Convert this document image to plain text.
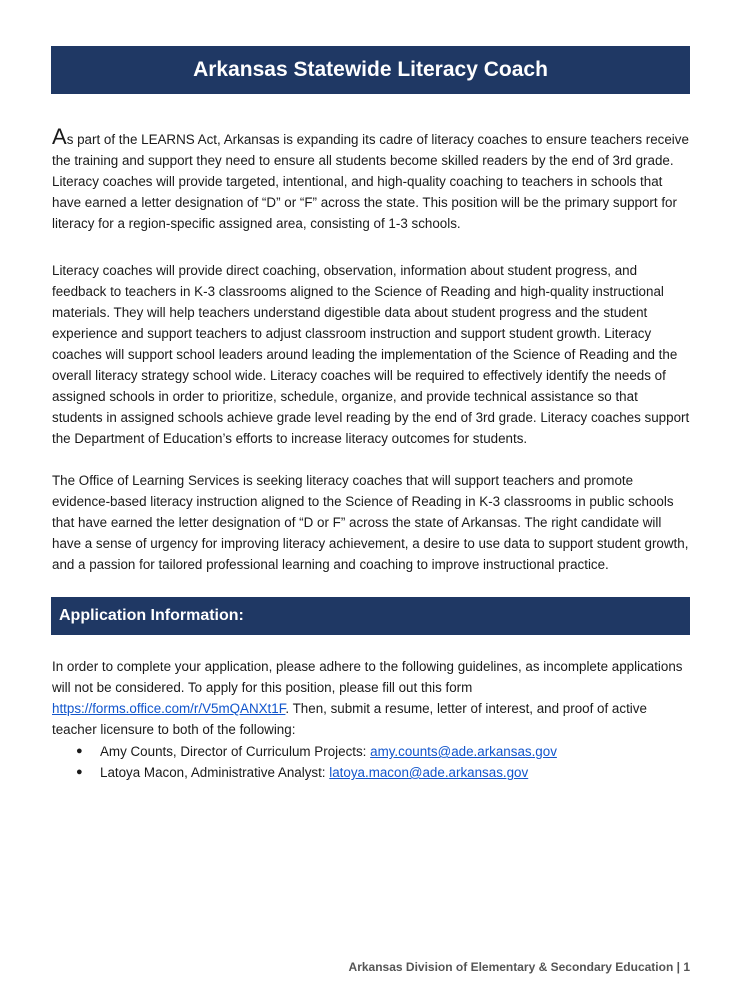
Arkansas Statewide Literacy Coach

As part of the LEARNS Act, Arkansas is expanding its cadre of literacy coaches to ensure teachers receive the training and support they need to ensure all students become skilled readers by the end of 3rd grade. Literacy coaches will provide targeted, intentional, and high-quality coaching to teachers in schools that have earned a letter designation of “D” or “F” across the state. This position will be the primary support for literacy for a region-specific assigned area, consisting of 1-3 schools.

Literacy coaches will provide direct coaching, observation, information about student progress, and feedback to teachers in K-3 classrooms aligned to the Science of Reading and high-quality instructional materials. They will help teachers understand digestible data about student progress and the student experience and support teachers to adjust classroom instruction and support student growth. Literacy coaches will support school leaders around leading the implementation of the Science of Reading and the overall literacy strategy school wide. Literacy coaches will be required to effectively identify the needs of assigned schools in order to prioritize, schedule, organize, and provide technical assistance so that students in assigned schools achieve grade level reading by the end of 3rd grade. Literacy coaches support the Department of Education’s efforts to increase literacy outcomes for students.

The Office of Learning Services is seeking literacy coaches that will support teachers and promote evidence-based literacy instruction aligned to the Science of Reading in K-3 classrooms in public schools that have earned the letter designation of “D or F” across the state of Arkansas. The right candidate will have a sense of urgency for improving literacy achievement, a desire to use data to support student growth, and a passion for tailored professional learning and coaching to improve instructional practice.

Application Information:

In order to complete your application, please adhere to the following guidelines, as incomplete applications will not be considered. To apply for this position, please fill out this form https://forms.office.com/r/V5mQANXt1F. Then, submit a resume, letter of interest, and proof of active teacher licensure to both of the following:

●	Amy Counts, Director of Curriculum Projects: amy.counts@ade.arkansas.gov
●	Latoya Macon, Administrative Analyst: latoya.macon@ade.arkansas.gov
Arkansas Division of Elementary & Secondary Education | 1
